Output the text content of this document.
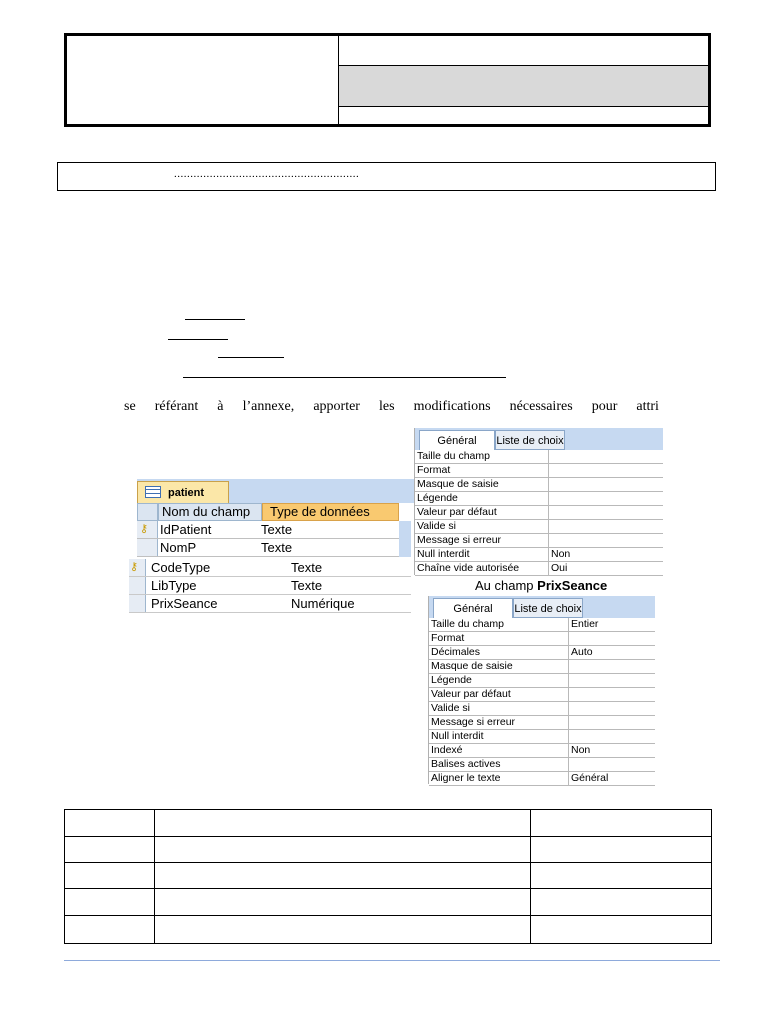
.........................................................
se référant à l’annexe, apporter les modifications nécessaires pour attri
patient
Nom du champ	Type de données
⚷ IdPatient	Texte
NomP	Texte
⚷ CodeType	Texte
LibType	Texte
PrixSeance	Numérique
Général	Liste de choix
Taille du champ
Format
Masque de saisie
Légende
Valeur par défaut
Valide si
Message si erreur
Null interdit	Non
Chaîne vide autorisée	Oui
Au champ PrixSeance
Général	Liste de choix
Taille du champ	Entier
Format
Décimales	Auto
Masque de saisie
Légende
Valeur par défaut
Valide si
Message si erreur
Null interdit
Indexé	Non
Balises actives
Aligner le texte	Général
